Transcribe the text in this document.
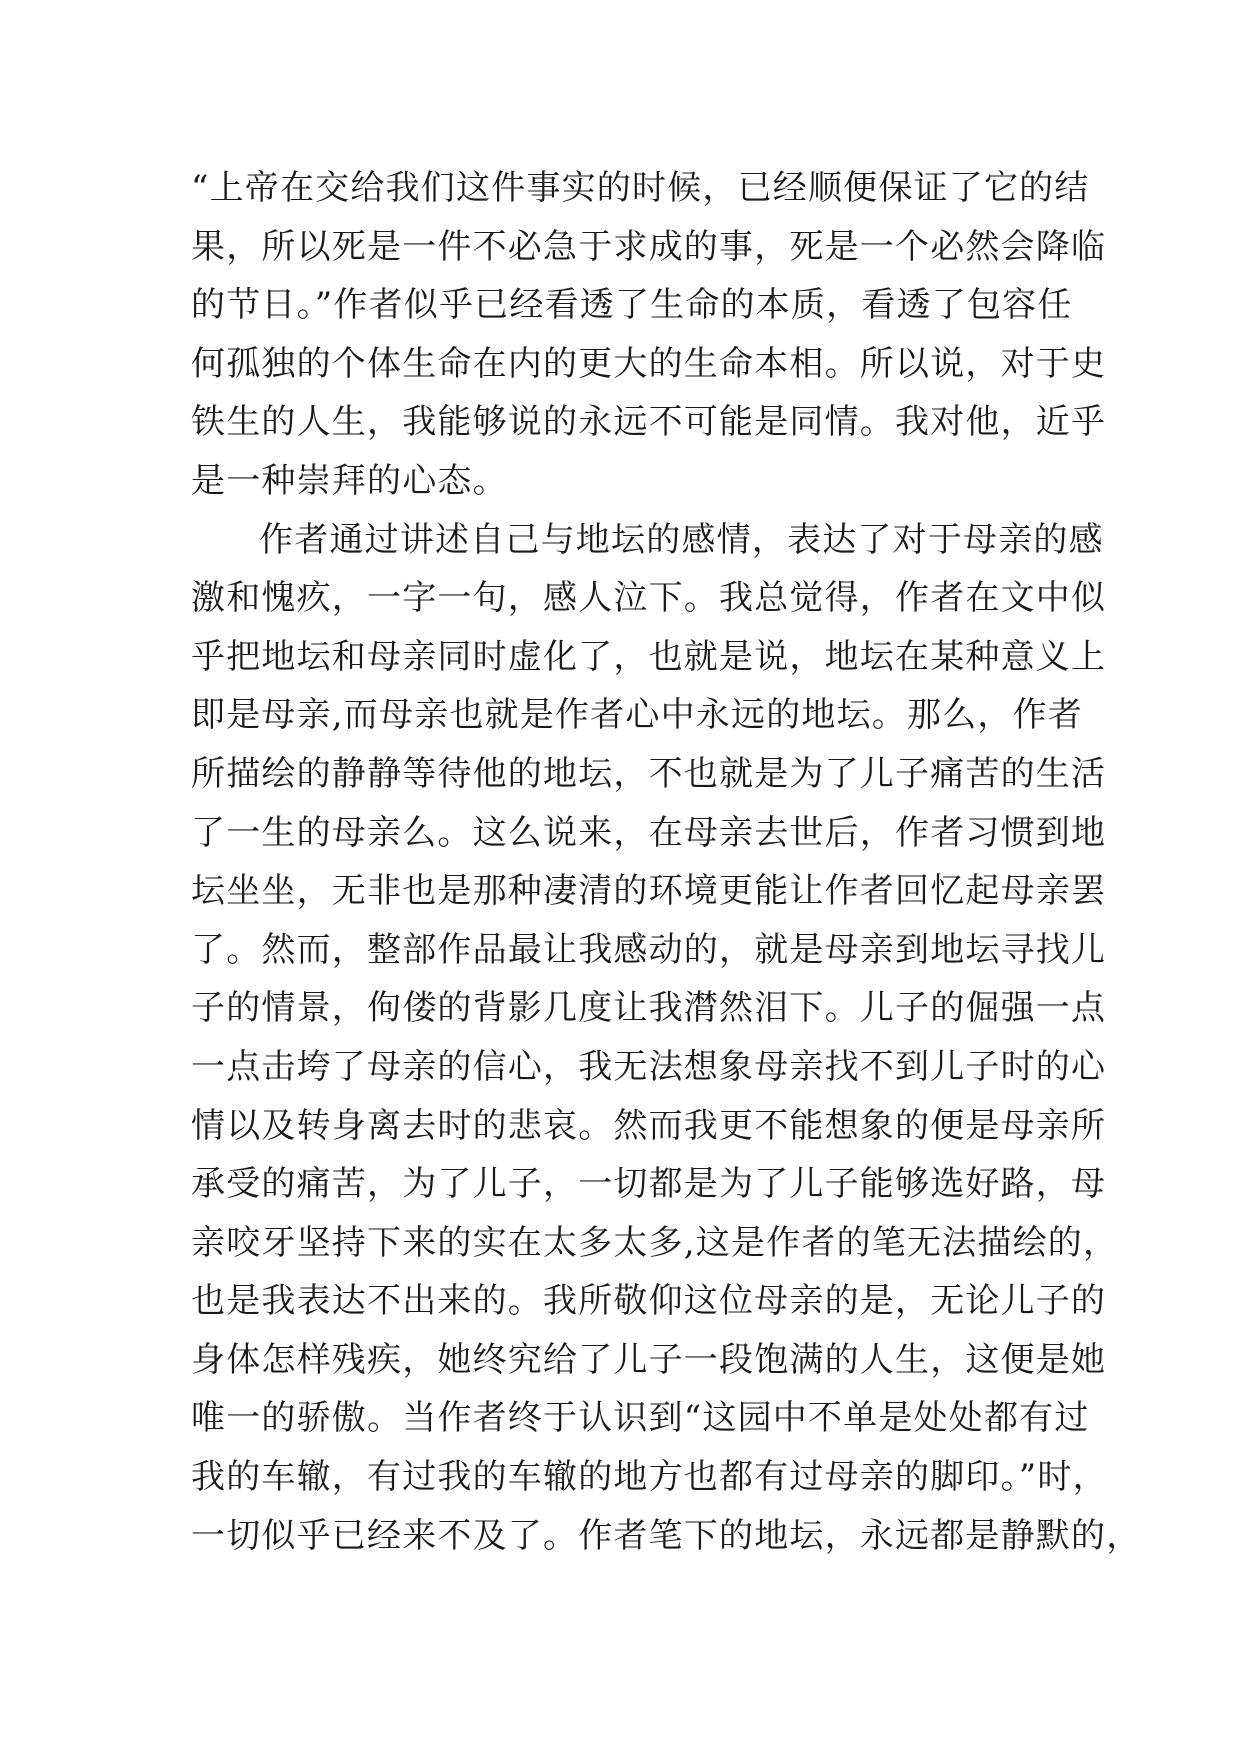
“上帝在交给我们这件事实的时候，已经顺便保证了它的结
果，所以死是一件不必急于求成的事，死是一个必然会降临
的节日。”作者似乎已经看透了生命的本质，看透了包容任
何孤独的个体生命在内的更大的生命本相。所以说，对于史
铁生的人生，我能够说的永远不可能是同情。我对他，近乎
是一种崇拜的心态。
作者通过讲述自己与地坛的感情，表达了对于母亲的感
激和愧疚，一字一句，感人泣下。我总觉得，作者在文中似
乎把地坛和母亲同时虚化了，也就是说，地坛在某种意义上
即是母亲,而母亲也就是作者心中永远的地坛。那么，作者
所描绘的静静等待他的地坛，不也就是为了儿子痛苦的生活
了一生的母亲么。这么说来，在母亲去世后，作者习惯到地
坛坐坐，无非也是那种凄清的环境更能让作者回忆起母亲罢
了。然而，整部作品最让我感动的，就是母亲到地坛寻找儿
子的情景，佝偻的背影几度让我潸然泪下。儿子的倔强一点
一点击垮了母亲的信心，我无法想象母亲找不到儿子时的心
情以及转身离去时的悲哀。然而我更不能想象的便是母亲所
承受的痛苦，为了儿子，一切都是为了儿子能够选好路，母
亲咬牙坚持下来的实在太多太多,这是作者的笔无法描绘的，
也是我表达不出来的。我所敬仰这位母亲的是，无论儿子的
身体怎样残疾，她终究给了儿子一段饱满的人生，这便是她
唯一的骄傲。当作者终于认识到“这园中不单是处处都有过
我的车辙，有过我的车辙的地方也都有过母亲的脚印。”时，
一切似乎已经来不及了。作者笔下的地坛，永远都是静默的，
